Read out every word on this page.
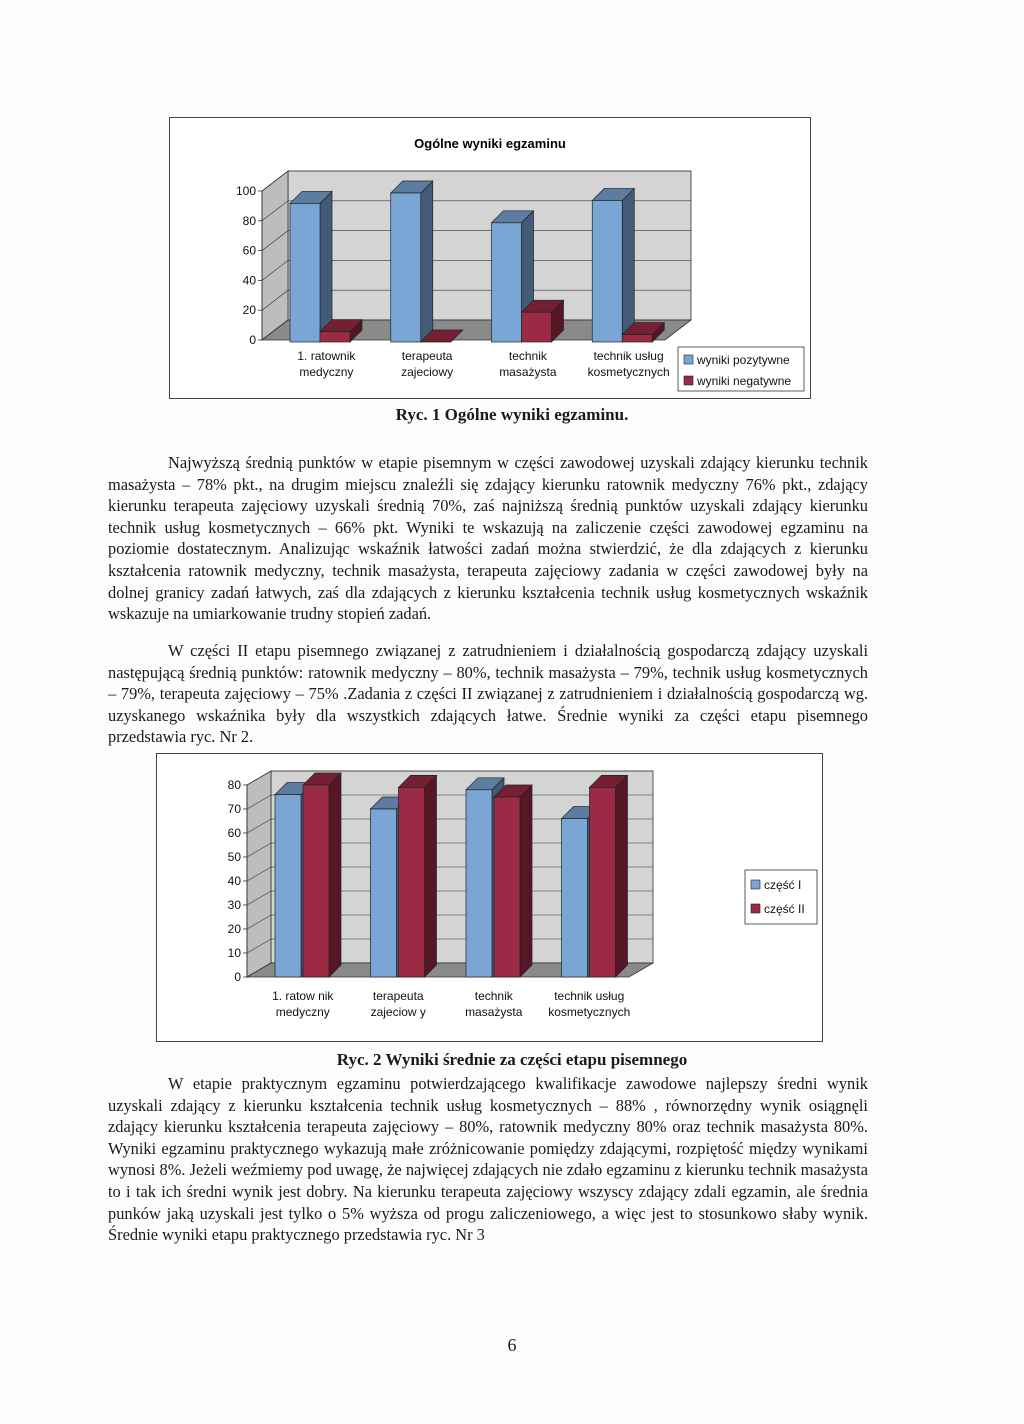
Ogólne wyniki egzaminu
0
20
40
60
80
100
1. ratownik
medyczny
terapeuta
zajeciowy
technik
masażysta
technik usług
kosmetycznych
wyniki pozytywne
wyniki negatywne
Ryc. 1 Ogólne wyniki egzaminu.

Najwyższą średnią punktów w etapie pisemnym w części zawodowej uzyskali zdający kierunku technik masażysta – 78% pkt., na drugim miejscu znaleźli się zdający kierunku ratownik medyczny 76% pkt., zdający kierunku terapeuta zajęciowy uzyskali średnią 70%, zaś najniższą średnią punktów uzyskali zdający kierunku technik usług kosmetycznych – 66% pkt. Wyniki te wskazują na zaliczenie części zawodowej egzaminu na poziomie dostatecznym. Analizując wskaźnik łatwości zadań można stwierdzić, że dla zdających z kierunku kształcenia ratownik medyczny, technik masażysta, terapeuta zajęciowy zadania w części zawodowej były na dolnej granicy zadań łatwych, zaś dla zdających z kierunku kształcenia technik usług kosmetycznych wskaźnik wskazuje na umiarkowanie trudny stopień zadań.

W części II etapu pisemnego związanej z zatrudnieniem i działalnością gospodarczą zdający uzyskali następującą średnią punktów: ratownik medyczny – 80%, technik masażysta – 79%, technik usług kosmetycznych – 79%, terapeuta zajęciowy – 75% .Zadania z części II związanej z zatrudnieniem i działalnością gospodarczą wg. uzyskanego wskaźnika były dla wszystkich zdających łatwe. Średnie wyniki za części etapu pisemnego przedstawia ryc. Nr 2.

0
10
20
30
40
50
60
70
80
1. ratow nik
medyczny
terapeuta
zajeciow y
technik
masażysta
technik usług
kosmetycznych
część I
część II
Ryc. 2 Wyniki średnie za części etapu pisemnego

W etapie praktycznym egzaminu potwierdzającego kwalifikacje zawodowe najlepszy średni wynik uzyskali zdający z kierunku kształcenia technik usług kosmetycznych – 88% , równorzędny wynik osiągnęli zdający kierunku kształcenia terapeuta zajęciowy – 80%, ratownik medyczny 80% oraz technik masażysta 80%. Wyniki egzaminu praktycznego wykazują małe zróżnicowanie pomiędzy zdającymi, rozpiętość między wynikami wynosi 8%. Jeżeli weźmiemy pod uwagę, że najwięcej zdających nie zdało egzaminu z kierunku technik masażysta to i tak ich średni wynik jest dobry. Na kierunku terapeuta zajęciowy wszyscy zdający zdali egzamin, ale średnia punków jaką uzyskali jest tylko o 5% wyższa od progu zaliczeniowego, a więc jest to stosunkowo słaby wynik. Średnie wyniki etapu praktycznego przedstawia ryc. Nr 3

6
